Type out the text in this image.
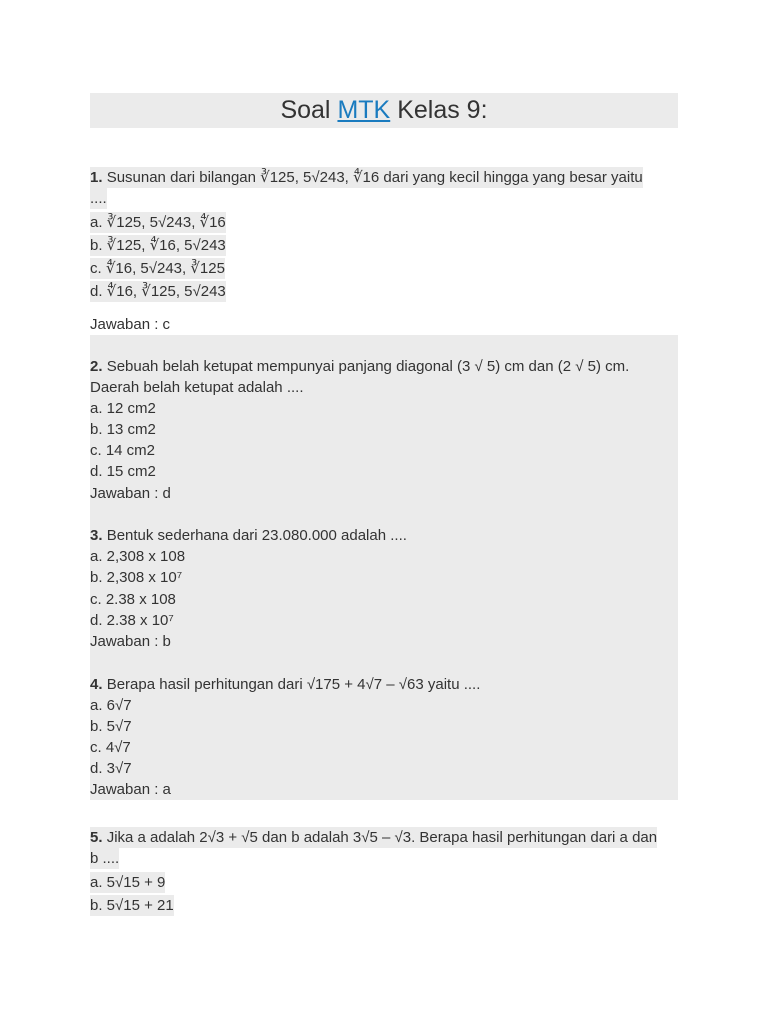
Soal MTK Kelas 9:
1. Susunan dari bilangan ∛125, 5√243, ∜16 dari yang kecil hingga yang besar yaitu
....
a. ∛125, 5√243, ∜16
b. ∛125, ∜16, 5√243
c. ∜16, 5√243, ∛125
d. ∜16, ∛125, 5√243
Jawaban : c
2. Sebuah belah ketupat mempunyai panjang diagonal (3 √ 5) cm dan (2 √ 5) cm.
Daerah belah ketupat adalah ....
a. 12 cm2
b. 13 cm2
c. 14 cm2
d. 15 cm2
Jawaban : d
3. Bentuk sederhana dari 23.080.000 adalah ....
a. 2,308 x 108
b. 2,308 x 10⁷
c. 2.38 x 108
d. 2.38 x 10⁷
Jawaban : b
4. Berapa hasil perhitungan dari √175 + 4√7 – √63 yaitu ....
a. 6√7
b. 5√7
c. 4√7
d. 3√7
Jawaban : a
5. Jika a adalah 2√3 + √5 dan b adalah 3√5 – √3. Berapa hasil perhitungan dari a dan
b ....
a. 5√15 + 9
b. 5√15 + 21
